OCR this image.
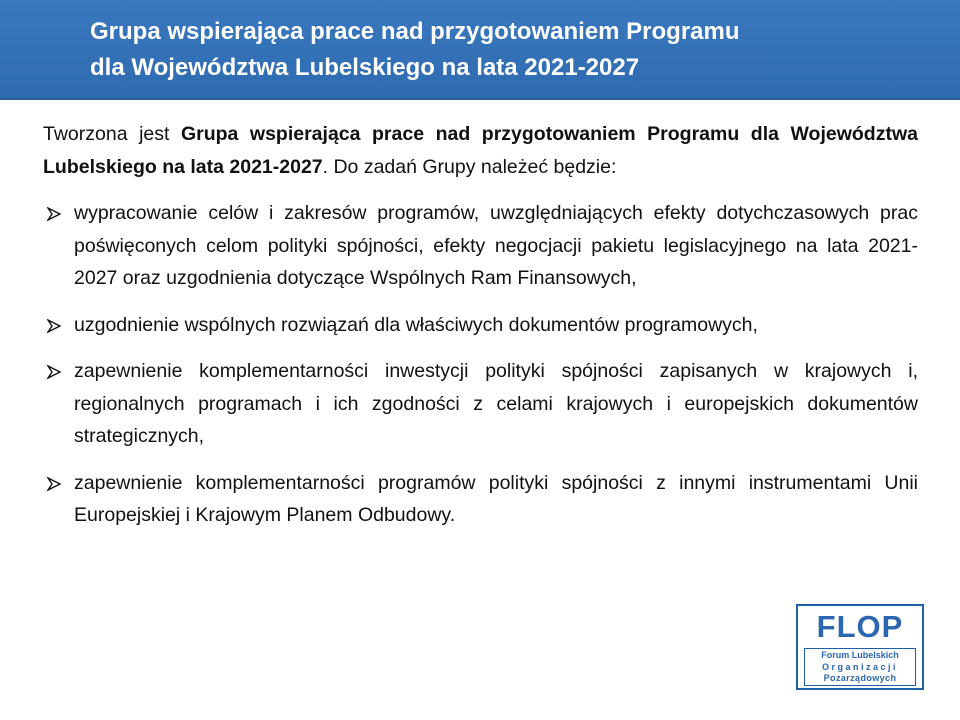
Grupa wspierająca prace nad przygotowaniem Programu
dla Województwa Lubelskiego na lata 2021-2027

Tworzona jest Grupa wspierająca prace nad przygotowaniem Programu dla Województwa Lubelskiego na lata 2021-2027. Do zadań Grupy należeć będzie:

wypracowanie celów i zakresów programów, uwzględniających efekty dotychczasowych prac poświęconych celom polityki spójności, efekty negocjacji pakietu legislacyjnego na lata 2021-2027 oraz uzgodnienia dotyczące Wspólnych Ram Finansowych,
uzgodnienie wspólnych rozwiązań dla właściwych dokumentów programowych,
zapewnienie komplementarności inwestycji polityki spójności zapisanych w krajowych i, regionalnych programach i ich zgodności z celami krajowych i europejskich dokumentów strategicznych,
zapewnienie komplementarności programów polityki spójności z innymi instrumentami Unii Europejskiej i Krajowym Planem Odbudowy.
FLOP
Forum Lubelskich
Organizacji
Pozarządowych
